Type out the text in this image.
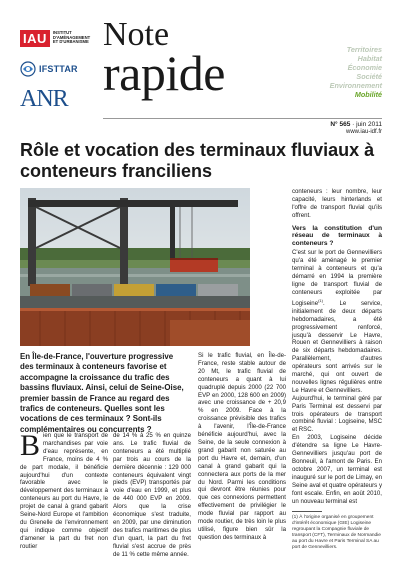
IAU	INSTITUT D'AMÉNAGEMENT ET D'URBANISME
IFSTTAR
ANR
Note
rapide	Territoires
Habitat
Économie
Société
Environnement
Mobilité
N° 565 · juin 2011
www.iau-idf.fr
Rôle et vocation des terminaux fluviaux à conteneurs franciliens

En Île-de-France, l'ouverture progressive des terminaux à conteneurs favorise et accompagne la croissance du trafic des bassins fluviaux. Ainsi, celui de Seine-Oise, premier bassin de France au regard des trafics de conteneurs. Quelles sont les vocations de ces terminaux ? Sont-ils complémentaires ou concurrents ?

Bien que le transport de marchandises par voie d'eau représente, en France, moins de 4 % de part modale, il bénéficie aujourd'hui d'un contexte favorable avec le développement des terminaux à conteneurs au port du Havre, le projet de canal à grand gabarit Seine-Nord Europe et l'ambition du Grenelle de l'environnement qui indique comme objectif d'amener la part du fret non routier
de 14 % à 25 % en quinze ans. Le trafic fluvial de conteneurs a été multiplié par trois au cours de la dernière décennie : 129 000 conteneurs équivalent vingt pieds (EVP) transportés par voie d'eau en 1999, et plus de 440 000 EVP en 2009. Alors que la crise économique s'est traduite, en 2009, par une diminution des trafics maritimes de plus d'un quart, la part du fret fluvial s'est accrue de près de 11 % cette même année.
Si le trafic fluvial, en Île-de-France, reste stable autour de 20 Mt, le trafic fluvial de conteneurs a quant à lui quadruplé depuis 2000 (22 700 EVP en 2000, 128 600 en 2009) avec une croissance de + 20,9 % en 2009. Face à la croissance prévisible des trafics à l'avenir, l'Île-de-France bénéficie aujourd'hui, avec la Seine, de la seule connexion à grand gabarit non saturée au port du Havre et, demain, d'un canal à grand gabarit qui la connectera aux ports de la mer du Nord. Parmi les conditions qui devront être réunies pour que ces connexions permettent effectivement de privilégier le mode fluvial par rapport au mode routier, de très loin le plus utilisé, figure bien sûr la question des terminaux à

conteneurs : leur nombre, leur capacité, leurs hinterlands et l'offre de transport fluvial qu'ils offrent.

Vers la constitution d'un réseau de terminaux à conteneurs ?

C'est sur le port de Gennevilliers qu'a été aménagé le premier terminal à conteneurs et qu'a démarré en 1994 la première ligne de transport fluvial de conteneurs exploitée par Logiseine$^{(1)}$. Le service, initialement de deux départs hebdomadaires, a été progressivement renforcé, jusqu'à desservir Le Havre, Rouen et Gennevilliers à raison de six départs hebdomadaires. Parallèlement, d'autres opérateurs sont arrivés sur le marché, qui ont ouvert de nouvelles lignes régulières entre Le Havre et Gennevilliers.

Aujourd'hui, le terminal géré par Paris Terminal est desservi par trois opérateurs de transport combiné fluvial : Logiseine, MSC et RSC.

En 2003, Logiseine décide d'étendre sa ligne Le Havre-Gennevilliers jusqu'au port de Bonneuil, à l'amont de Paris. En octobre 2007, un terminal est inauguré sur le port de Limay, en Seine aval et quatre opérateurs y font escale. Enfin, en août 2010, un nouveau terminal est

(1) À l'origine organisé en groupement d'intérêt économique (GIE) Logiseine regroupant la Compagnie fluviale de transport (CFT), Terminaux de Normandie au port du Havre et Paris Terminal SA au port de Gennevilliers.
